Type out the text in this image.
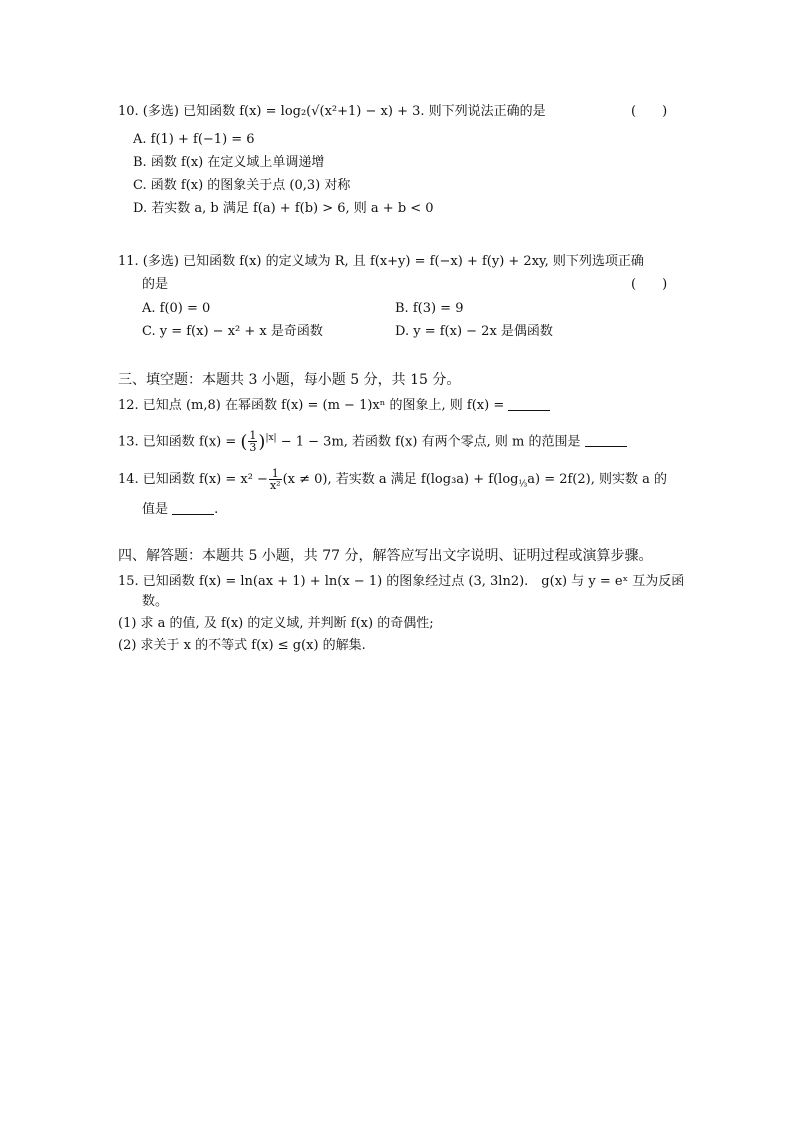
10. (多选) 已知函数 f(x) = log₂(√(x²+1) − x) + 3. 则下列说法正确的是	(　　)
A. f(1) + f(−1) = 6
B. 函数 f(x) 在定义域上单调递增
C. 函数 f(x) 的图象关于点 (0,3) 对称
D. 若实数 a, b 满足 f(a) + f(b) > 6, 则 a + b < 0
11. (多选) 已知函数 f(x) 的定义域为 R, 且 f(x+y) = f(−x) + f(y) + 2xy, 则下列选项正确
的是	(　　)
A. f(0) = 0	B. f(3) = 9
C. y = f(x) − x² + x 是奇函数	D. y = f(x) − 2x 是偶函数
三、填空题：本题共 3 小题，每小题 5 分，共 15 分。
12. 已知点 (m,8) 在幂函数 f(x) = (m − 1)xⁿ 的图象上, 则 f(x) =
13. 已知函数 f(x) = ( $\frac{1}{3} )^{|x|} - 1 - 3m$, 若函数 f(x) 有两个零点, 则 m 的范围是
14. 已知函数 $f(x) = x^2 - \frac{1}{\text{x²}} (x \ne 0)$, 若实数 a 满足 $f(\log_3a) + f(\log_{\frac{1}{3}}a) = 2f(2)$, 则实数 a 的
值是	.
四、解答题：本题共 5 小题，共 77 分，解答应写出文字说明、证明过程或演算步骤。
15. 已知函数 f(x) = ln(ax + 1) + ln(x − 1) 的图象经过点 (3, 3ln2).　g(x) 与 y = eˣ 互为反函
数。
(1) 求 a 的值, 及 f(x) 的定义域, 并判断 f(x) 的奇偶性;
(2) 求关于 x 的不等式 f(x) ≤ g(x) 的解集.
